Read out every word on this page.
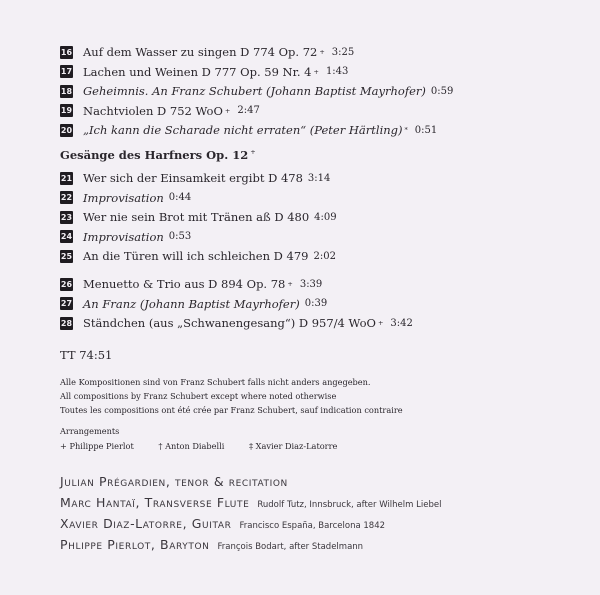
16 Auf dem Wasser zu singen D 774 Op. 72 + 3:25
17 Lachen und Weinen D 777 Op. 59 Nr. 4 + 1:43
18 Geheimnis. An Franz Schubert (Johann Baptist Mayrhofer) 0:59
19 Nachtviolen D 752 WoO + 2:47
20 „Ich kann die Scharade nicht erraten“ (Peter Härtling) * 0:51
Gesänge des Harfners Op. 12 +
21 Wer sich der Einsamkeit ergibt D 478 3:14
22 Improvisation 0:44
23 Wer nie sein Brot mit Tränen aß D 480 4:09
24 Improvisation 0:53
25 An die Türen will ich schleichen D 479 2:02
26 Menuetto & Trio aus D 894 Op. 78 + 3:39
27 An Franz (Johann Baptist Mayrhofer) 0:39
28 Ständchen (aus „Schwanengesang“) D 957/4 WoO + 3:42
TT 74:51
Alle Kompositionen sind von Franz Schubert falls nicht anders angegeben.
All compositions by Franz Schubert except where noted otherwise
Toutes les compositions ont été crée par Franz Schubert, sauf indication contraire
Arrangements
+ Philippe Pierlot	† Anton Diabelli	‡ Xavier Diaz-Latorre
Julian Prégardien, tenor & recitation
Marc Hantaï, Transverse Flute Rudolf Tutz, Innsbruck, after Wilhelm Liebel
Xavier Diaz-Latorre, Guitar Francisco España, Barcelona 1842
Phlippe Pierlot, Baryton François Bodart, after Stadelmann
